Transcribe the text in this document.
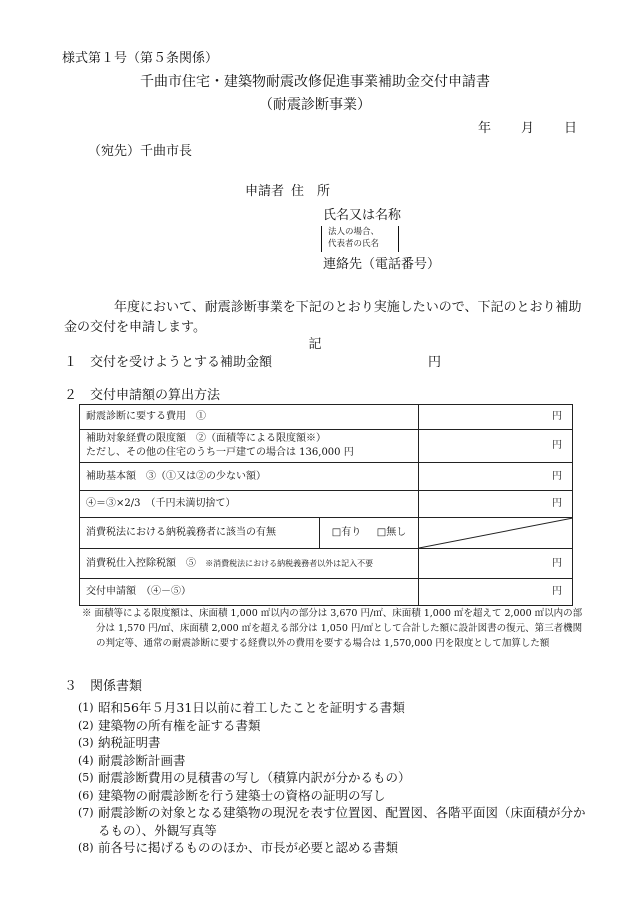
様式第１号（第５条関係）
千曲市住宅・建築物耐震改修促進事業補助金交付申請書
（耐震診断事業）
年 月 日
（宛先）千曲市長
申請者 住　所
氏名又は名称
法人の場合、
代表者の氏名
連絡先（電話番号）
年度において、耐震診断事業を下記のとおり実施したいので、下記のとおり補助金の交付を申請します。
記
１　交付を受けようとする補助金額	円
２　交付申請額の算出方法
耐震診断に要する費用　①	円

補助対象経費の限度額　②（面積等による限度額※）
ただし、その他の住宅のうち一戸建ての場合は 136,000 円	円
補助基本額　③（①又は②の少ない額）	円
④＝③×2/3　（千円未満切捨て）	円

消費税法における納税義務者に該当の有無 □有り □無し

消費税仕入控除税額　⑤ ※消費税法における納税義務者以外は記入不要	円
交付申請額　（④－⑤）	円
※ 面積等による限度額は、床面積 1,000 ㎡以内の部分は 3,670 円/㎡、床面積 1,000 ㎡を超えて 2,000 ㎡以内の部分は 1,570 円/㎡、床面積 2,000 ㎡を超える部分は 1,050 円/㎡として合計した額に設計図書の復元、第三者機関の判定等、通常の耐震診断に要する経費以外の費用を要する場合は 1,570,000 円を限度として加算した額
３　関係書類
(1) 昭和56年５月31日以前に着工したことを証明する書類
(2) 建築物の所有権を証する書類
(3) 納税証明書
(4) 耐震診断計画書
(5) 耐震診断費用の見積書の写し（積算内訳が分かるもの）
(6) 建築物の耐震診断を行う建築士の資格の証明の写し
(7) 耐震診断の対象となる建築物の現況を表す位置図、配置図、各階平面図（床面積が分かるもの）、外観写真等
(8) 前各号に掲げるもののほか、市長が必要と認める書類
